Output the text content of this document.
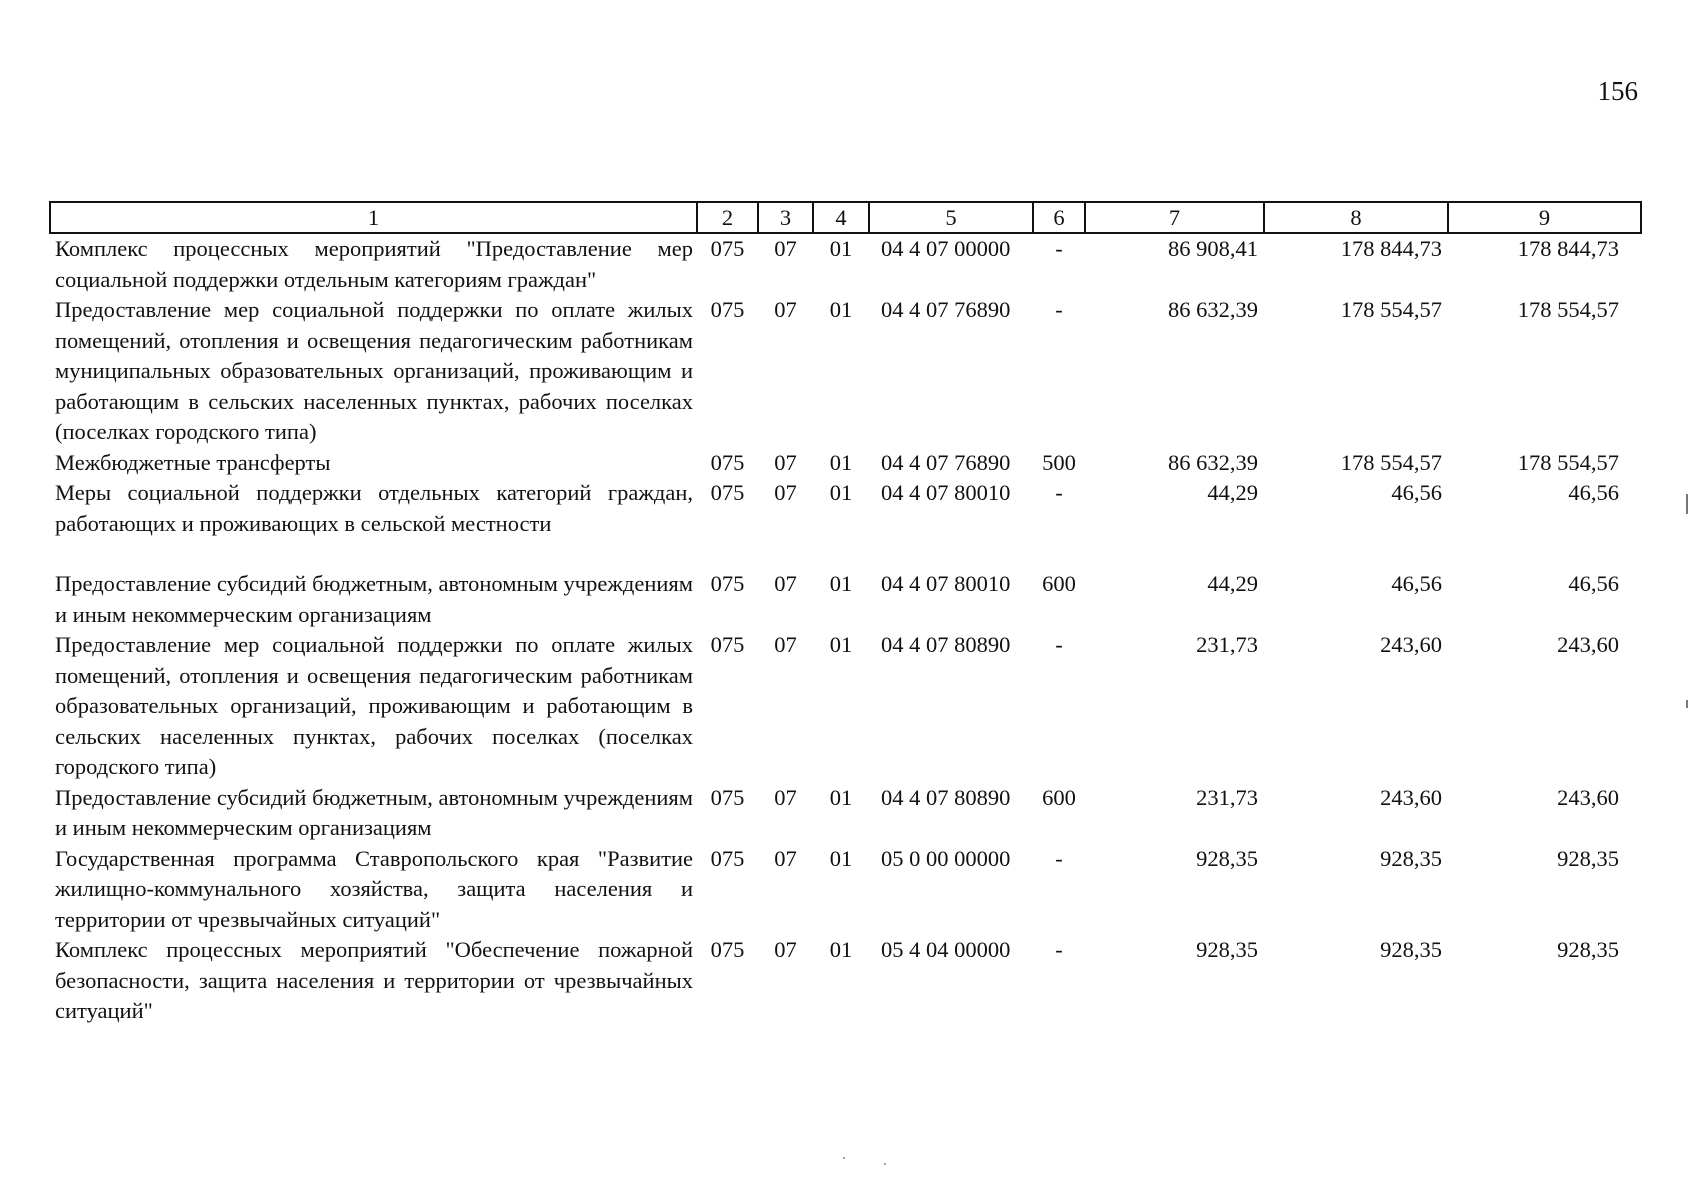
156
1	2	3	4	5	6	7	8	9
Комплекс процессных мероприятий "Предоставление мер социальной поддержки отдельным категориям граждан"	075	07	01	04 4 07 00000	-	86 908,41	178 844,73	178 844,73
Предоставление мер социальной поддержки по оплате жилых помещений, отопления и освещения педагогическим работникам муниципальных образовательных организаций, проживающим и работающим в сельских населенных пунктах, рабочих поселках (поселках городского типа)	075	07	01	04 4 07 76890	-	86 632,39	178 554,57	178 554,57
Межбюджетные трансферты	075	07	01	04 4 07 76890	500	86 632,39	178 554,57	178 554,57
Меры социальной поддержки отдельных категорий граждан, работающих и проживающих в сельской местности	075	07	01	04 4 07 80010	-	44,29	46,56	46,56
Предоставление субсидий бюджетным, автономным учреждениям и иным некоммерческим организациям	075	07	01	04 4 07 80010	600	44,29	46,56	46,56
Предоставление мер социальной поддержки по оплате жилых помещений, отопления и освещения педагогическим работникам образовательных организаций, проживающим и работающим в сельских населенных пунктах, рабочих поселках (поселках городского типа)	075	07	01	04 4 07 80890	-	231,73	243,60	243,60
Предоставление субсидий бюджетным, автономным учреждениям и иным некоммерческим организациям	075	07	01	04 4 07 80890	600	231,73	243,60	243,60
Государственная программа Ставропольского края "Развитие жилищно-коммунального хозяйства, защита населения и территории от чрезвычайных ситуаций"	075	07	01	05 0 00 00000	-	928,35	928,35	928,35
Комплекс процессных мероприятий "Обеспечение пожарной безопасности, защита населения и территории от чрезвычайных ситуаций"	075	07	01	05 4 04 00000	-	928,35	928,35	928,35
